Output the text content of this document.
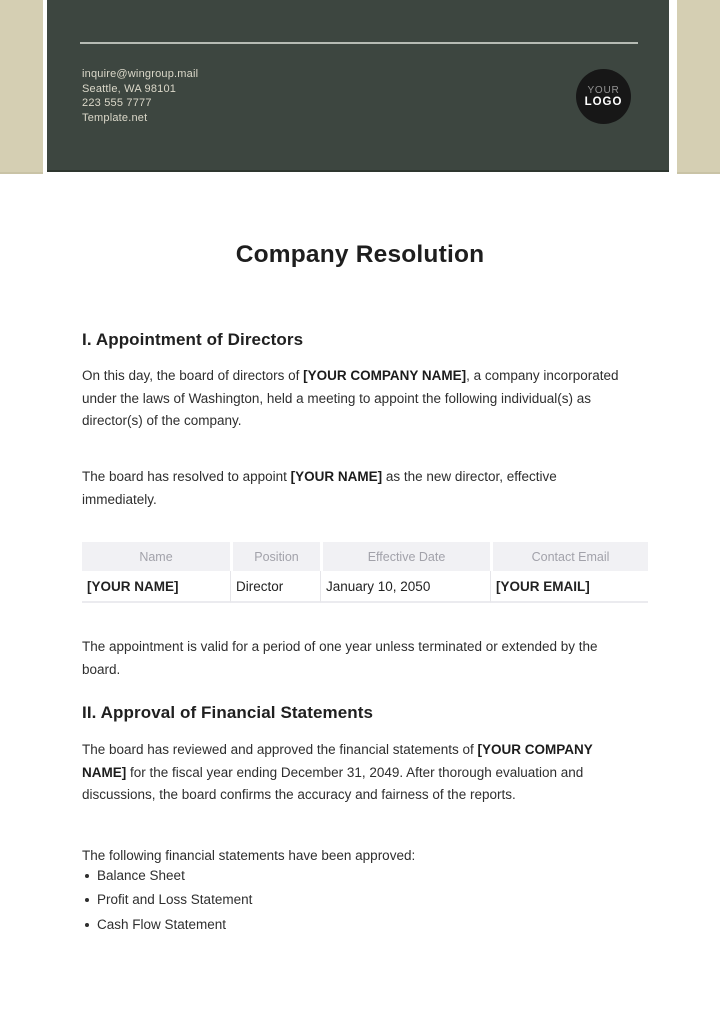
inquire@wingroup.mail
Seattle, WA 98101
223 555 7777
Template.net
YOUR
LOGO
Company Resolution
I. Appointment of Directors

On this day, the board of directors of [YOUR COMPANY NAME], a company incorporated under the laws of Washington, held a meeting to appoint the following individual(s) as director(s) of the company.

The board has resolved to appoint [YOUR NAME] as the new director, effective immediately.

Name	Position	Effective Date	Contact Email
[YOUR NAME]	Director	January 10, 2050	[YOUR EMAIL]

The appointment is valid for a period of one year unless terminated or extended by the board.

II. Approval of Financial Statements

The board has reviewed and approved the financial statements of [YOUR COMPANY NAME] for the fiscal year ending December 31, 2049. After thorough evaluation and discussions, the board confirms the accuracy and fairness of the reports.

The following financial statements have been approved:

Balance Sheet
Profit and Loss Statement
Cash Flow Statement
